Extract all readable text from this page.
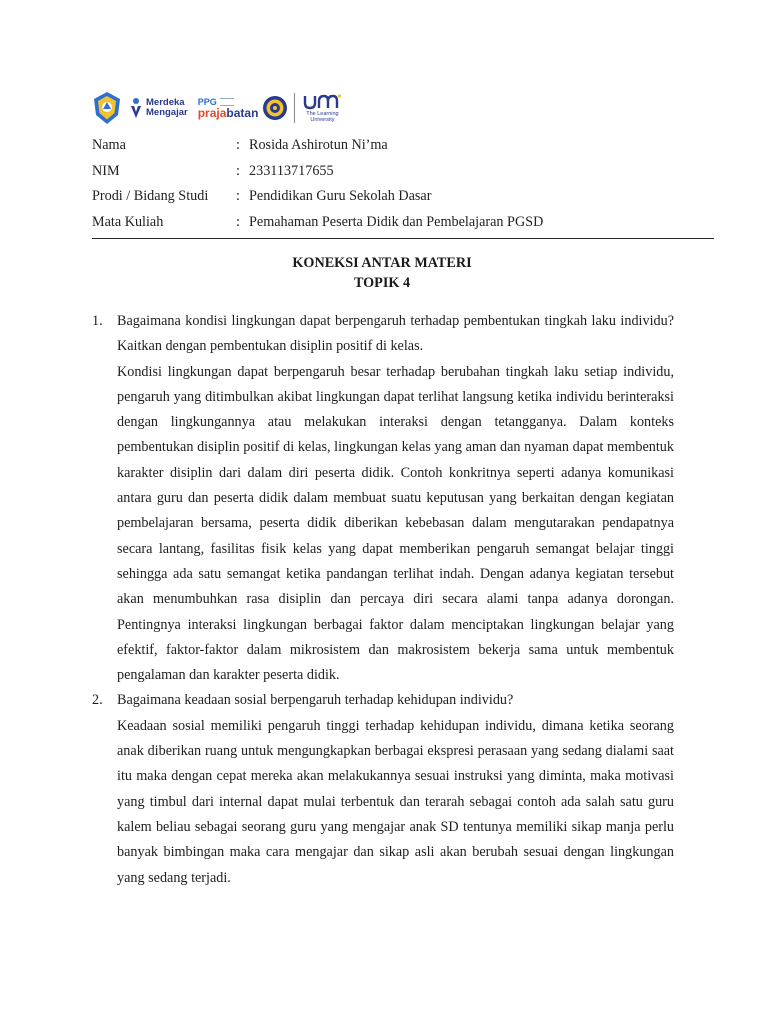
Merdeka
Mengajar
PPG
prajabatan	The Learning University
Nama	: Rosida Ashirotun Ni’ma
NIM	: 233113717655
Prodi / Bidang Studi : Pendidikan Guru Sekolah Dasar
Mata Kuliah	: Pemahaman Peserta Didik dan Pembelajaran PGSD
KONEKSI ANTAR MATERI
TOPIK 4
1. Bagaimana kondisi lingkungan dapat berpengaruh terhadap pembentukan tingkah laku individu? Kaitkan dengan pembentukan disiplin positif di kelas.

Kondisi lingkungan dapat berpengaruh besar terhadap berubahan tingkah laku setiap individu, pengaruh yang ditimbulkan akibat lingkungan dapat terlihat langsung ketika individu berinteraksi dengan lingkungannya atau melakukan interaksi dengan tetangganya. Dalam konteks pembentukan disiplin positif di kelas, lingkungan kelas yang aman dan nyaman dapat membentuk karakter disiplin dari dalam diri peserta didik. Contoh konkritnya seperti adanya komunikasi antara guru dan peserta didik dalam membuat suatu keputusan yang berkaitan dengan kegiatan pembelajaran bersama, peserta didik diberikan kebebasan dalam mengutarakan pendapatnya secara lantang, fasilitas fisik kelas yang dapat memberikan pengaruh semangat belajar tinggi sehingga ada satu semangat ketika pandangan terlihat indah. Dengan adanya kegiatan tersebut akan menumbuhkan rasa disiplin dan percaya diri secara alami tanpa adanya dorongan. Pentingnya interaksi lingkungan berbagai faktor dalam menciptakan lingkungan belajar yang efektif, faktor-faktor dalam mikrosistem dan makrosistem bekerja sama untuk membentuk pengalaman dan karakter peserta didik.

2. Bagaimana keadaan sosial berpengaruh terhadap kehidupan individu?

Keadaan sosial memiliki pengaruh tinggi terhadap kehidupan individu, dimana ketika seorang anak diberikan ruang untuk mengungkapkan berbagai ekspresi perasaan yang sedang dialami saat itu maka dengan cepat mereka akan melakukannya sesuai instruksi yang diminta, maka motivasi yang timbul dari internal dapat mulai terbentuk dan terarah sebagai contoh ada salah satu guru kalem beliau sebagai seorang guru yang mengajar anak SD tentunya memiliki sikap manja perlu banyak bimbingan maka cara mengajar dan sikap asli akan berubah sesuai dengan lingkungan yang sedang terjadi.
